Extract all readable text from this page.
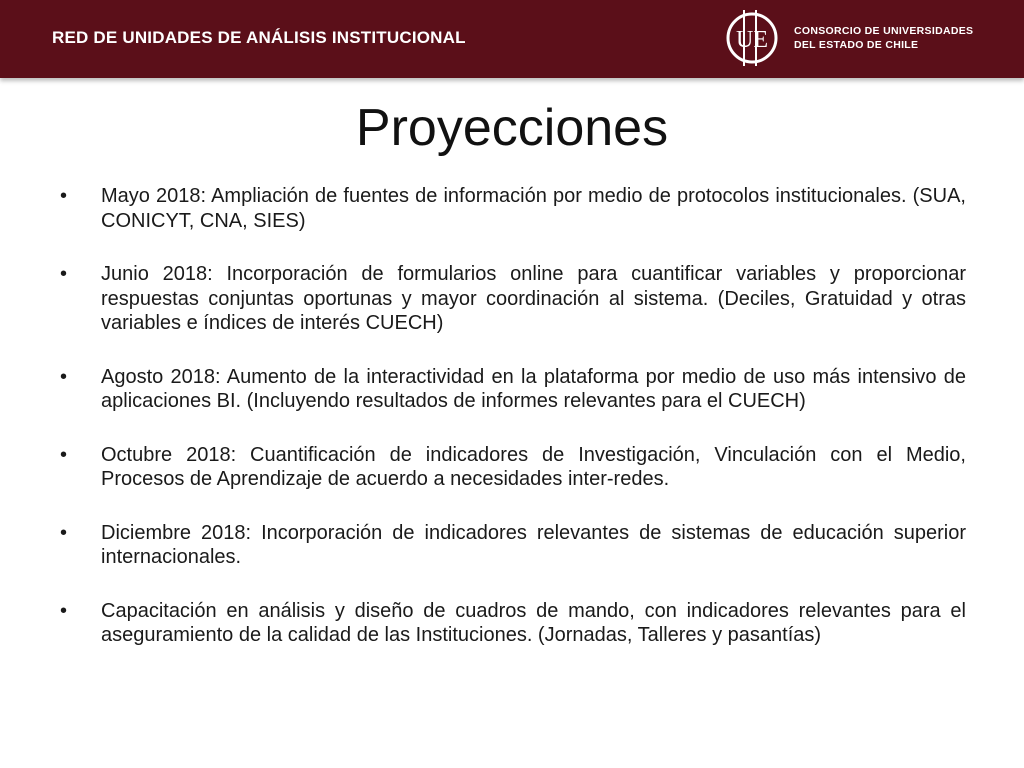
RED DE UNIDADES DE ANÁLISIS INSTITUCIONAL	UE CONSORCIO DE UNIVERSIDADES
DEL ESTADO DE CHILE
Proyecciones
•	Mayo 2018: Ampliación de fuentes de información por medio de protocolos institucionales. (SUA, CONICYT, CNA, SIES)
•	Junio 2018: Incorporación de formularios online para cuantificar variables y proporcionar respuestas conjuntas oportunas y mayor coordinación al sistema. (Deciles, Gratuidad y otras variables e índices de interés CUECH)
•	Agosto 2018: Aumento de la interactividad en la plataforma por medio de uso más intensivo de aplicaciones BI. (Incluyendo resultados de informes relevantes para el CUECH)
•	Octubre 2018: Cuantificación de indicadores de Investigación, Vinculación con el Medio, Procesos de Aprendizaje de acuerdo a necesidades inter-redes.
•	Diciembre 2018: Incorporación de indicadores relevantes de sistemas de educación superior internacionales.
•	Capacitación en análisis y diseño de cuadros de mando, con indicadores relevantes para el aseguramiento de la calidad de las Instituciones. (Jornadas, Talleres y pasantías)
